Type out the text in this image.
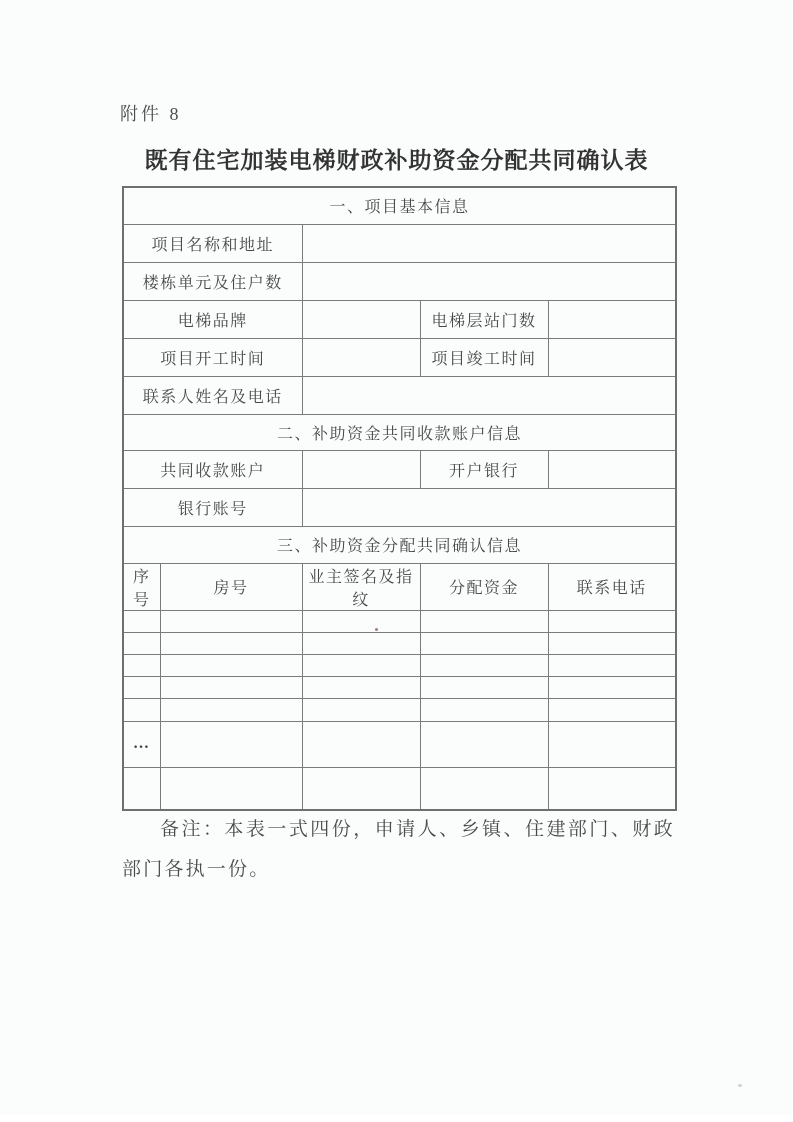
附件 8
既有住宅加装电梯财政补助资金分配共同确认表
一、项目基本信息				
项目名称和地址				
楼栋单元及住户数				
电梯品牌			电梯层站门数	
项目开工时间			项目竣工时间	
联系人姓名及电话				
二、补助资金共同收款账户信息				
共同收款账户			开户银行	
银行账号				
三、补助资金分配共同确认信息				
序号	房号	业主签名及指纹	分配资金	联系电话

…				

备注：本表一式四份，申请人、乡镇、住建部门、财政部门各执一份。
